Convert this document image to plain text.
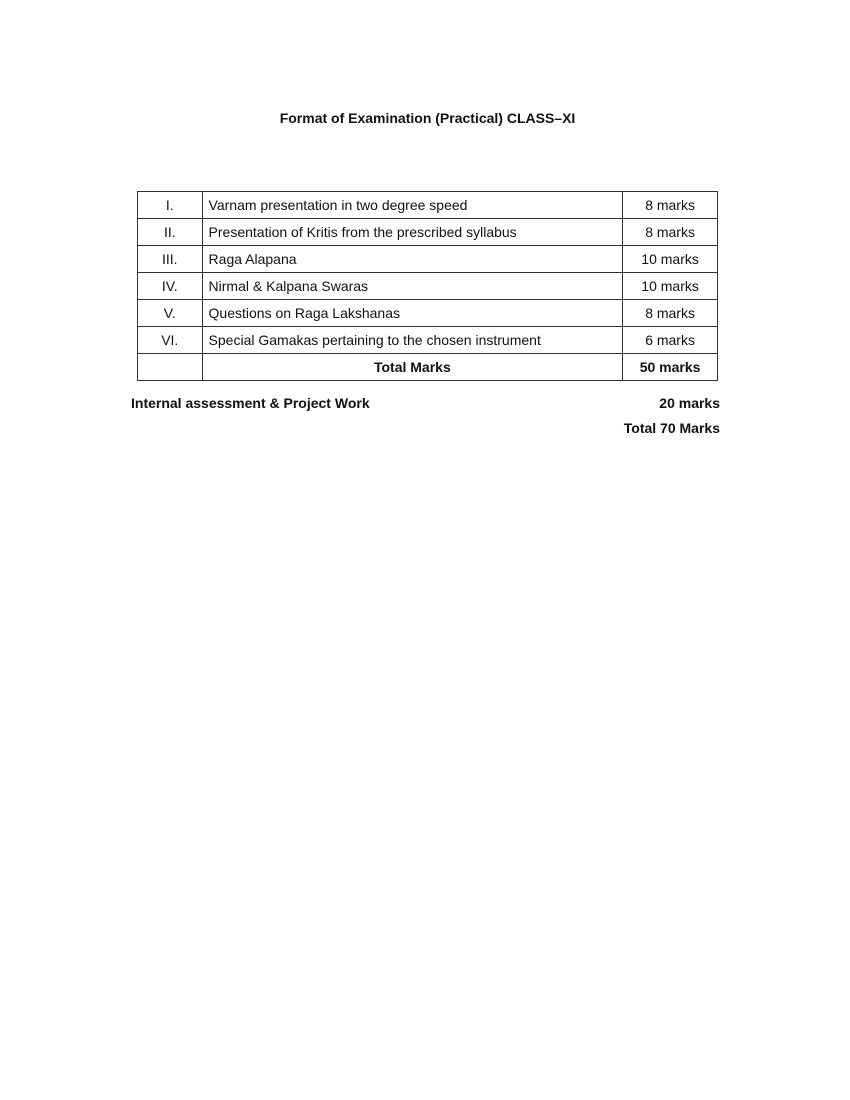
Format of Examination (Practical) CLASS–XI
I.	Varnam presentation in two degree speed	8 marks
II.	Presentation of Kritis from the prescribed syllabus	8 marks
III.	Raga Alapana	10 marks
IV.	Nirmal & Kalpana Swaras	10 marks
V.	Questions on Raga Lakshanas	8 marks
VI.	Special Gamakas pertaining to the chosen instrument	6 marks
	Total Marks	50 marks
Internal assessment & Project Work	20 marks
Total 70 Marks
